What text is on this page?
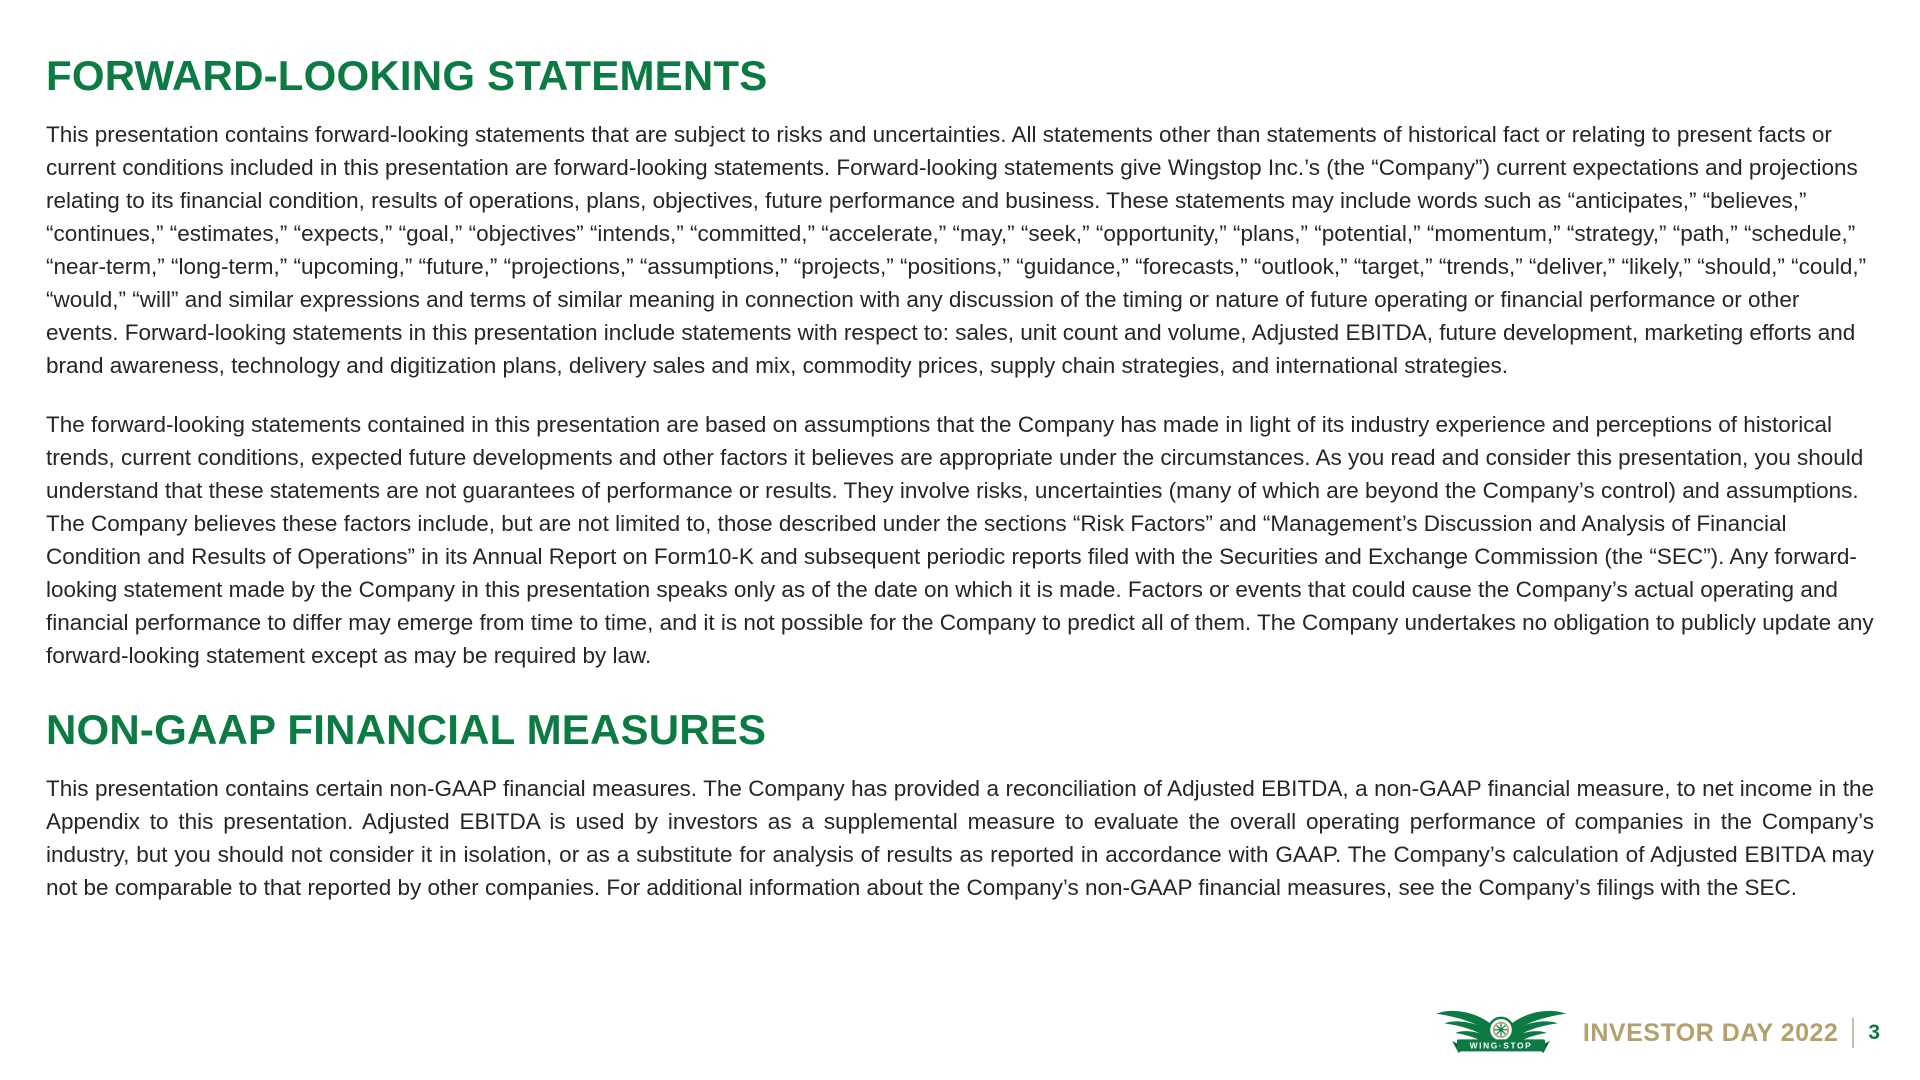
FORWARD-LOOKING STATEMENTS

This presentation contains forward-looking statements that are subject to risks and uncertainties. All statements other than statements of historical fact or relating to present facts or current conditions included in this presentation are forward-looking statements. Forward-looking statements give Wingstop Inc.’s (the “Company”) current expectations and projections relating to its financial condition, results of operations, plans, objectives, future performance and business. These statements may include words such as “anticipates,” “believes,” “continues,” “estimates,” “expects,” “goal,” “objectives” “intends,” “committed,” “accelerate,” “may,” “seek,” “opportunity,” “plans,” “potential,” “momentum,” “strategy,” “path,” “schedule,” “near-term,” “long-term,” “upcoming,” “future,” “projections,” “assumptions,” “projects,” “positions,” “guidance,” “forecasts,” “outlook,” “target,” “trends,” “deliver,” “likely,” “should,” “could,” “would,” “will” and similar expressions and terms of similar meaning in connection with any discussion of the timing or nature of future operating or financial performance or other events. Forward-looking statements in this presentation include statements with respect to: sales, unit count and volume, Adjusted EBITDA, future development, marketing efforts and brand awareness, technology and digitization plans, delivery sales and mix, commodity prices, supply chain strategies, and international strategies.

The forward-looking statements contained in this presentation are based on assumptions that the Company has made in light of its industry experience and perceptions of historical trends, current conditions, expected future developments and other factors it believes are appropriate under the circumstances. As you read and consider this presentation, you should understand that these statements are not guarantees of performance or results. They involve risks, uncertainties (many of which are beyond the Company’s control) and assumptions. The Company believes these factors include, but are not limited to, those described under the sections “Risk Factors” and “Management’s Discussion and Analysis of Financial Condition and Results of Operations” in its Annual Report on Form10-K and subsequent periodic reports filed with the Securities and Exchange Commission (the “SEC”). Any forward-looking statement made by the Company in this presentation speaks only as of the date on which it is made. Factors or events that could cause the Company’s actual operating and financial performance to differ may emerge from time to time, and it is not possible for the Company to predict all of them. The Company undertakes no obligation to publicly update any forward-looking statement except as may be required by law.

NON-GAAP FINANCIAL MEASURES

This presentation contains certain non-GAAP financial measures. The Company has provided a reconciliation of Adjusted EBITDA, a non-GAAP financial measure, to net income in the Appendix to this presentation. Adjusted EBITDA is used by investors as a supplemental measure to evaluate the overall operating performance of companies in the Company’s industry, but you should not consider it in isolation, or as a substitute for analysis of results as reported in accordance with GAAP. The Company’s calculation of Adjusted EBITDA may not be comparable to that reported by other companies. For additional information about the Company’s non-GAAP financial measures, see the Company’s filings with the SEC.

WING·STOP INVESTOR DAY 2022 3
